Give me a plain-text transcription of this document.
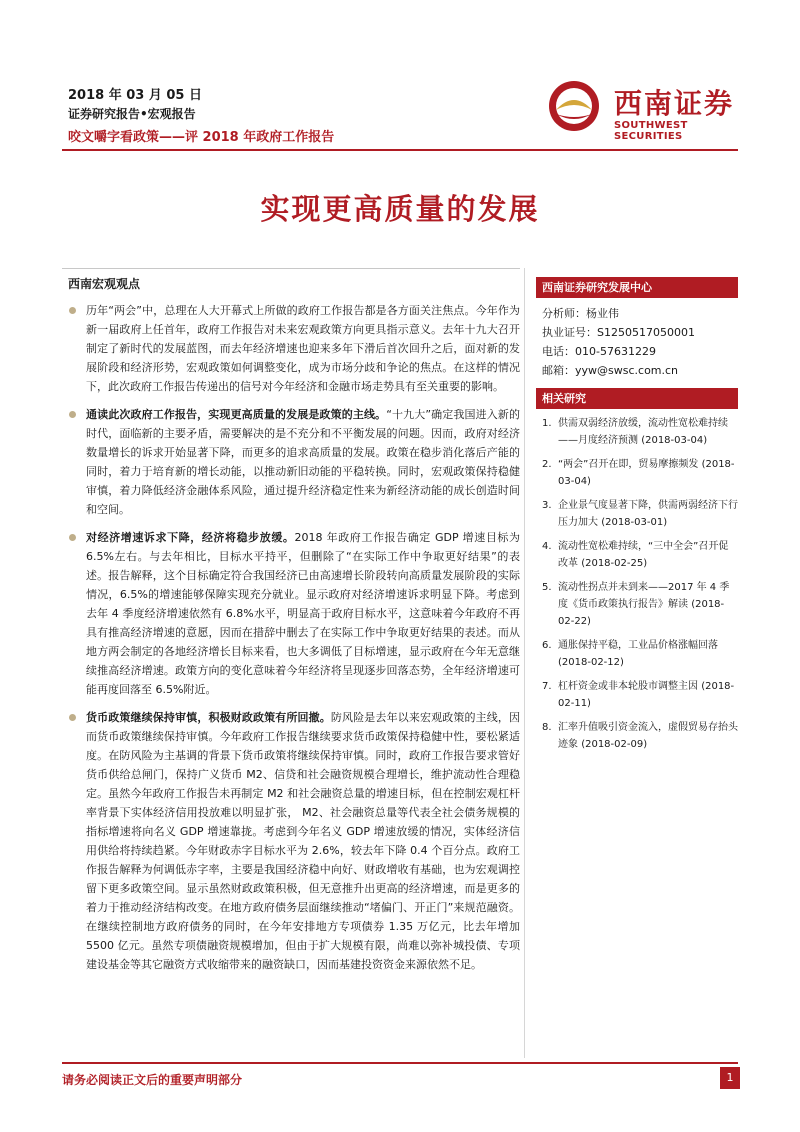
2018 年 03 月 05 日
证券研究报告•宏观报告
咬文嚼字看政策——评 2018 年政府工作报告
西南证券
SOUTHWEST SECURITIES
实现更高质量的发展
西南宏观观点
历年“两会”中，总理在人大开幕式上所做的政府工作报告都是各方面关注焦点。今年作为新一届政府上任首年，政府工作报告对未来宏观政策方向更具指示意义。去年十九大召开制定了新时代的发展蓝图，而去年经济增速也迎来多年下滑后首次回升之后，面对新的发展阶段和经济形势，宏观政策如何调整变化，成为市场分歧和争论的焦点。在这样的情况下，此次政府工作报告传递出的信号对今年经济和金融市场走势具有至关重要的影响。
通读此次政府工作报告，实现更高质量的发展是政策的主线。“十九大”确定我国进入新的时代，面临新的主要矛盾，需要解决的是不充分和不平衡发展的问题。因而，政府对经济数量增长的诉求开始显著下降，而更多的追求高质量的发展。政策在稳步消化落后产能的同时，着力于培育新的增长动能，以推动新旧动能的平稳转换。同时，宏观政策保持稳健审慎，着力降低经济金融体系风险，通过提升经济稳定性来为新经济动能的成长创造时间和空间。
对经济增速诉求下降，经济将稳步放缓。2018 年政府工作报告确定 GDP 增速目标为 6.5%左右。与去年相比，目标水平持平，但删除了“在实际工作中争取更好结果”的表述。报告解释，这个目标确定符合我国经济已由高速增长阶段转向高质量发展阶段的实际情况，6.5%的增速能够保障实现充分就业。显示政府对经济增速诉求明显下降。考虑到去年 4 季度经济增速依然有 6.8%水平，明显高于政府目标水平，这意味着今年政府不再具有推高经济增速的意愿，因而在措辞中删去了在实际工作中争取更好结果的表述。而从地方两会制定的各地经济增长目标来看，也大多调低了目标增速，显示政府在今年无意继续推高经济增速。政策方向的变化意味着今年经济将呈现逐步回落态势，全年经济增速可能再度回落至 6.5%附近。
货币政策继续保持审慎，积极财政政策有所回撤。防风险是去年以来宏观政策的主线，因而货币政策继续保持审慎。今年政府工作报告继续要求货币政策保持稳健中性，要松紧适度。在防风险为主基调的背景下货币政策将继续保持审慎。同时，政府工作报告要求管好货币供给总闸门，保持广义货币 M2、信贷和社会融资规模合理增长，维护流动性合理稳定。虽然今年政府工作报告未再制定 M2 和社会融资总量的增速目标，但在控制宏观杠杆率背景下实体经济信用投放难以明显扩张， M2、社会融资总量等代表全社会债务规模的指标增速将向名义 GDP 增速靠拢。考虑到今年名义 GDP 增速放缓的情况，实体经济信用供给将持续趋紧。今年财政赤字目标水平为 2.6%，较去年下降 0.4 个百分点。政府工作报告解释为何调低赤字率，主要是我国经济稳中向好、财政增收有基础，也为宏观调控留下更多政策空间。显示虽然财政政策积极，但无意推升出更高的经济增速，而是更多的着力于推动经济结构改变。在地方政府债务层面继续推动“堵偏门、开正门”来规范融资。在继续控制地方政府债务的同时，在今年安排地方专项债券 1.35 万亿元，比去年增加 5500 亿元。虽然专项债融资规模增加，但由于扩大规模有限，尚难以弥补城投债、专项建设基金等其它融资方式收缩带来的融资缺口，因而基建投资资金来源依然不足。
西南证券研究发展中心
分析师：杨业伟
执业证号：S1250517050001
电话：010-57631229
邮箱：yyw@swsc.com.cn
相关研究
1. 供需双弱经济放缓，流动性宽松难持续——月度经济预测 (2018-03-04)
2. “两会”召开在即，贸易摩擦频发 (2018-03-04)
3. 企业景气度显著下降，供需两弱经济下行压力加大 (2018-03-01)
4. 流动性宽松难持续，“三中全会”召开促改革 (2018-02-25)
5. 流动性拐点并未到来——2017 年 4 季度《货币政策执行报告》解读 (2018-02-22)
6. 通胀保持平稳，工业品价格涨幅回落 (2018-02-12)
7. 杠杆资金或非本轮股市调整主因 (2018-02-11)
8. 汇率升值吸引资金流入，虚假贸易存抬头迹象 (2018-02-09)
请务必阅读正文后的重要声明部分	1
